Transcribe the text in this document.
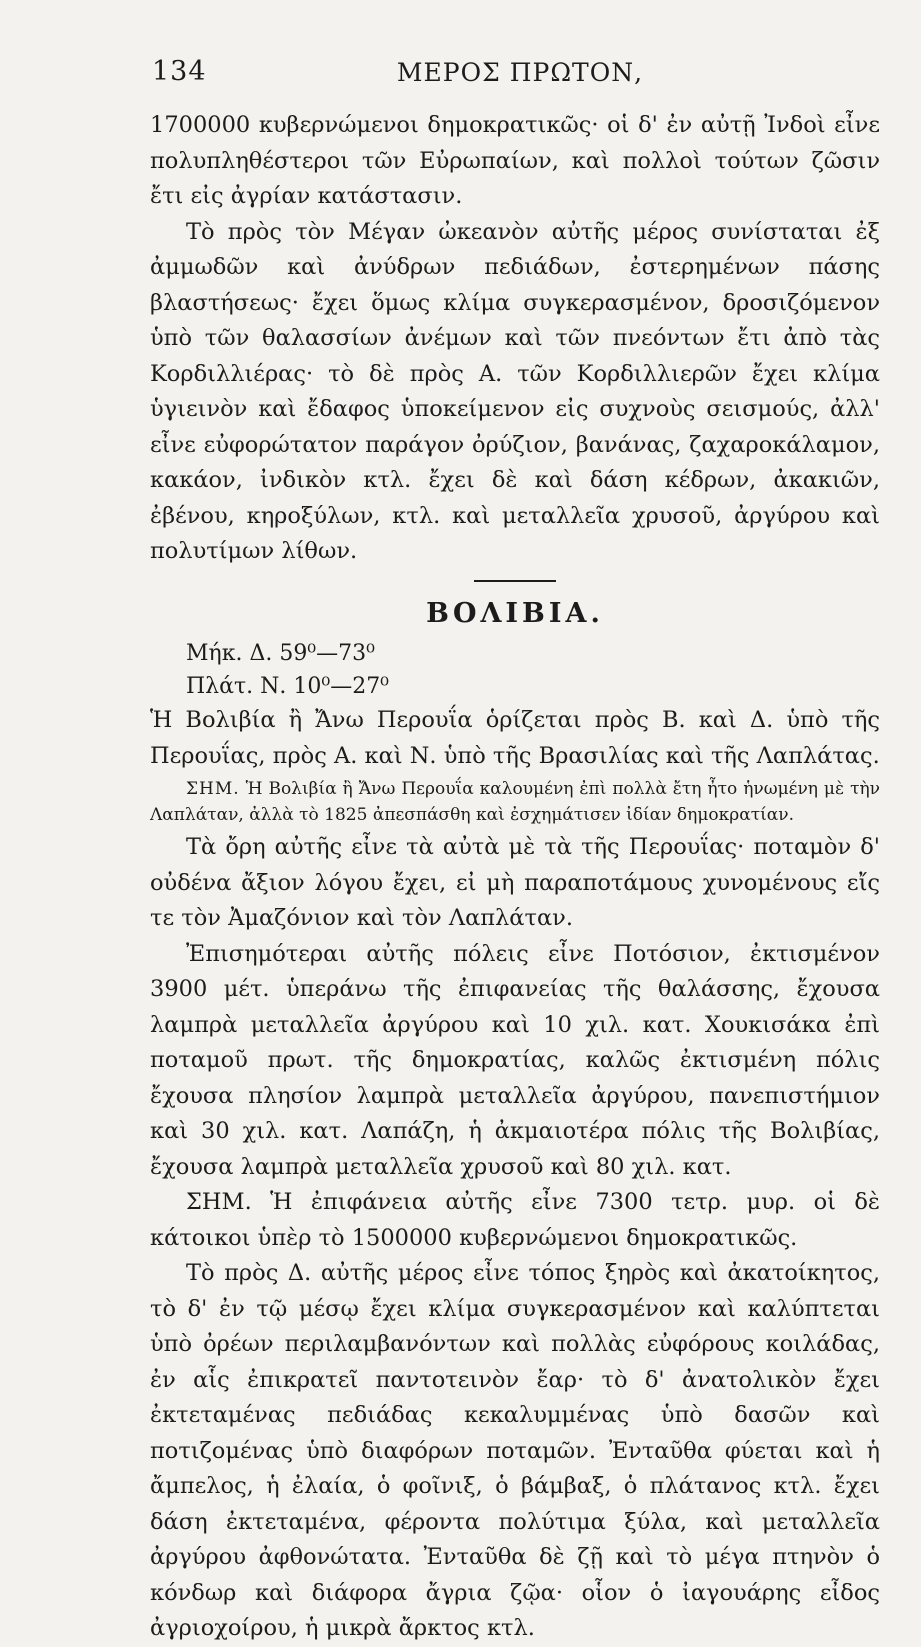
134	ΜΕΡΟΣ ΠΡΩΤΟΝ,

1700000 κυβερνώμενοι δημοκρατικῶς· οἱ δ' ἐν αὐτῇ Ἰνδοὶ εἶνε πολυπληθέστεροι τῶν Εὐρωπαίων, καὶ πολλοὶ τούτων ζῶσιν ἔτι εἰς ἀγρίαν κατάστασιν.

Τὸ πρὸς τὸν Μέγαν ὠκεανὸν αὐτῆς μέρος συνίσταται ἐξ ἀμμωδῶν καὶ ἀνύδρων πεδιάδων, ἐστερημένων πάσης βλαστήσεως· ἔχει ὅμως κλίμα συγκερασμένον, δροσιζόμενον ὑπὸ τῶν θαλασσίων ἀνέμων καὶ τῶν πνεόντων ἔτι ἀπὸ τὰς Κορδιλλιέρας· τὸ δὲ πρὸς Α. τῶν Κορδιλλιερῶν ἔχει κλίμα ὑγιεινὸν καὶ ἔδαφος ὑποκείμενον εἰς συχνοὺς σεισμούς, ἀλλ' εἶνε εὐφορώτατον παράγον ὀρύζιον, βανάνας, ζαχαροκάλαμον, κακάον, ἰνδικὸν κτλ. ἔχει δὲ καὶ δάση κέδρων, ἀκακιῶν, ἐβένου, κηροξύλων, κτλ. καὶ μεταλλεῖα χρυσοῦ, ἀργύρου καὶ πολυτίμων λίθων.

ΒΟΛΙΒΙΑ.

Μήκ. Δ. 59⁰—73⁰

Πλάτ. Ν. 10⁰—27⁰

Ἡ Βολιβία ἢ Ἄνω Περουΐα ὁρίζεται πρὸς Β. καὶ Δ. ὑπὸ τῆς Περουΐας, πρὸς Α. καὶ Ν. ὑπὸ τῆς Βρασιλίας καὶ τῆς Λαπλάτας.

ΣΗΜ. Ἡ Βολιβία ἢ Ἄνω Περουΐα καλουμένη ἐπὶ πολλὰ ἔτη ἦτο ἡνωμένη μὲ τὴν Λαπλάταν, ἀλλὰ τὸ 1825 ἀπεσπάσθη καὶ ἐσχημάτισεν ἰδίαν δημοκρατίαν.

Τὰ ὄρη αὐτῆς εἶνε τὰ αὐτὰ μὲ τὰ τῆς Περουΐας· ποταμὸν δ' οὐδένα ἄξιον λόγου ἔχει, εἰ μὴ παραποτάμους χυνομένους εἴς τε τὸν Ἀμαζόνιον καὶ τὸν Λαπλάταν.

Ἐπισημότεραι αὐτῆς πόλεις εἶνε Ποτόσιον, ἐκτισμένον 3900 μέτ. ὑπεράνω τῆς ἐπιφανείας τῆς θαλάσσης, ἔχουσα λαμπρὰ μεταλλεῖα ἀργύρου καὶ 10 χιλ. κατ. Χουκισάκα ἐπὶ ποταμοῦ πρωτ. τῆς δημοκρατίας, καλῶς ἐκτισμένη πόλις ἔχουσα πλησίον λαμπρὰ μεταλλεῖα ἀργύρου, πανεπιστήμιον καὶ 30 χιλ. κατ. Λαπάζη, ἡ ἀκμαιοτέρα πόλις τῆς Βολιβίας, ἔχουσα λαμπρὰ μεταλλεῖα χρυσοῦ καὶ 80 χιλ. κατ.

ΣΗΜ. Ἡ ἐπιφάνεια αὐτῆς εἶνε 7300 τετρ. μυρ. οἱ δὲ κάτοικοι ὑπὲρ τὸ 1500000 κυβερνώμενοι δημοκρατικῶς.

Τὸ πρὸς Δ. αὐτῆς μέρος εἶνε τόπος ξηρὸς καὶ ἀκατοίκητος, τὸ δ' ἐν τῷ μέσῳ ἔχει κλίμα συγκερασμένον καὶ καλύπτεται ὑπὸ ὀρέων περιλαμβανόντων καὶ πολλὰς εὐφόρους κοιλάδας, ἐν αἷς ἐπικρατεῖ παντοτεινὸν ἔαρ· τὸ δ' ἀνατολικὸν ἔχει ἐκτεταμένας πεδιάδας κεκαλυμμένας ὑπὸ δασῶν καὶ ποτιζομένας ὑπὸ διαφόρων ποταμῶν. Ἐνταῦθα φύεται καὶ ἡ ἄμπελος, ἡ ἐλαία, ὁ φοῖνιξ, ὁ βάμβαξ, ὁ πλάτανος κτλ. ἔχει δάση ἐκτεταμένα, φέροντα πολύτιμα ξύλα, καὶ μεταλλεῖα ἀργύρου ἀφθονώτατα. Ἐνταῦθα δὲ ζῇ καὶ τὸ μέγα πτηνὸν ὁ κόνδωρ καὶ διάφορα ἄγρια ζῷα· οἷον ὁ ἰαγουάρης εἶδος ἀγριοχοίρου, ἡ μικρὰ ἄρκτος κτλ.
